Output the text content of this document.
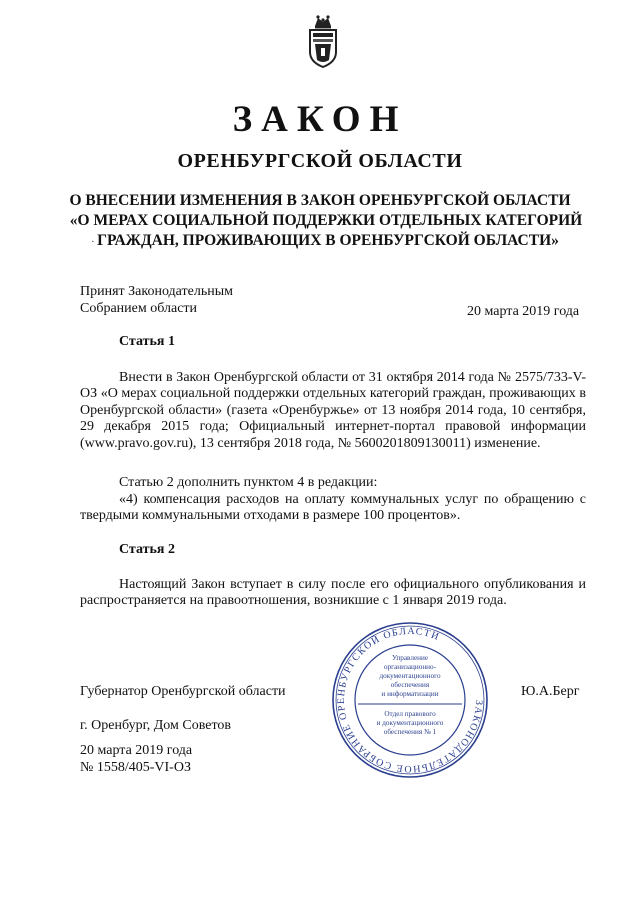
ЗАКОН
ОРЕНБУРГСКОЙ ОБЛАСТИ
О ВНЕСЕНИИ ИЗМЕНЕНИЯ В ЗАКОН ОРЕНБУРГСКОЙ ОБЛАСТИ
«О МЕРАХ СОЦИАЛЬНОЙ ПОДДЕРЖКИ ОТДЕЛЬНЫХ КАТЕГОРИЙ
ГРАЖДАН, ПРОЖИВАЮЩИХ В ОРЕНБУРГСКОЙ ОБЛАСТИ»
·
Принят Законодательным
Собранием области	20 марта 2019 года
Статья 1
Внести в Закон Оренбургской области от 31 октября 2014 года № 2575/733-V-ОЗ «О мерах социальной поддержки отдельных категорий граждан, проживающих в Оренбургской области» (газета «Оренбуржье» от 13 ноября 2014 года, 10 сентября, 29 декабря 2015 года; Официальный интернет-портал правовой информации (www.pravo.gov.ru), 13 сентября 2018 года, № 5600201809130011) изменение.
Статью 2 дополнить пунктом 4 в редакции:
«4) компенсация расходов на оплату коммунальных услуг по обращению с твердыми коммунальными отходами в размере 100 процентов».
Статья 2
Настоящий Закон вступает в силу после его официального опубликования и распространяется на правоотношения, возникшие с 1 января 2019 года.
Губернатор Оренбургской области	Ю.А.Берг
г. Оренбург, Дом Советов
20 марта 2019 года
№ 1558/405-VI-ОЗ
ЗАКОНОДАТЕЛЬНОЕ СОБРАНИЕ ОРЕНБУРГСКОЙ ОБЛАСТИ
Управление
организационно-
документационного
обеспечения
и информатизации
Отдел правового
и документационного
обеспечения № 1
